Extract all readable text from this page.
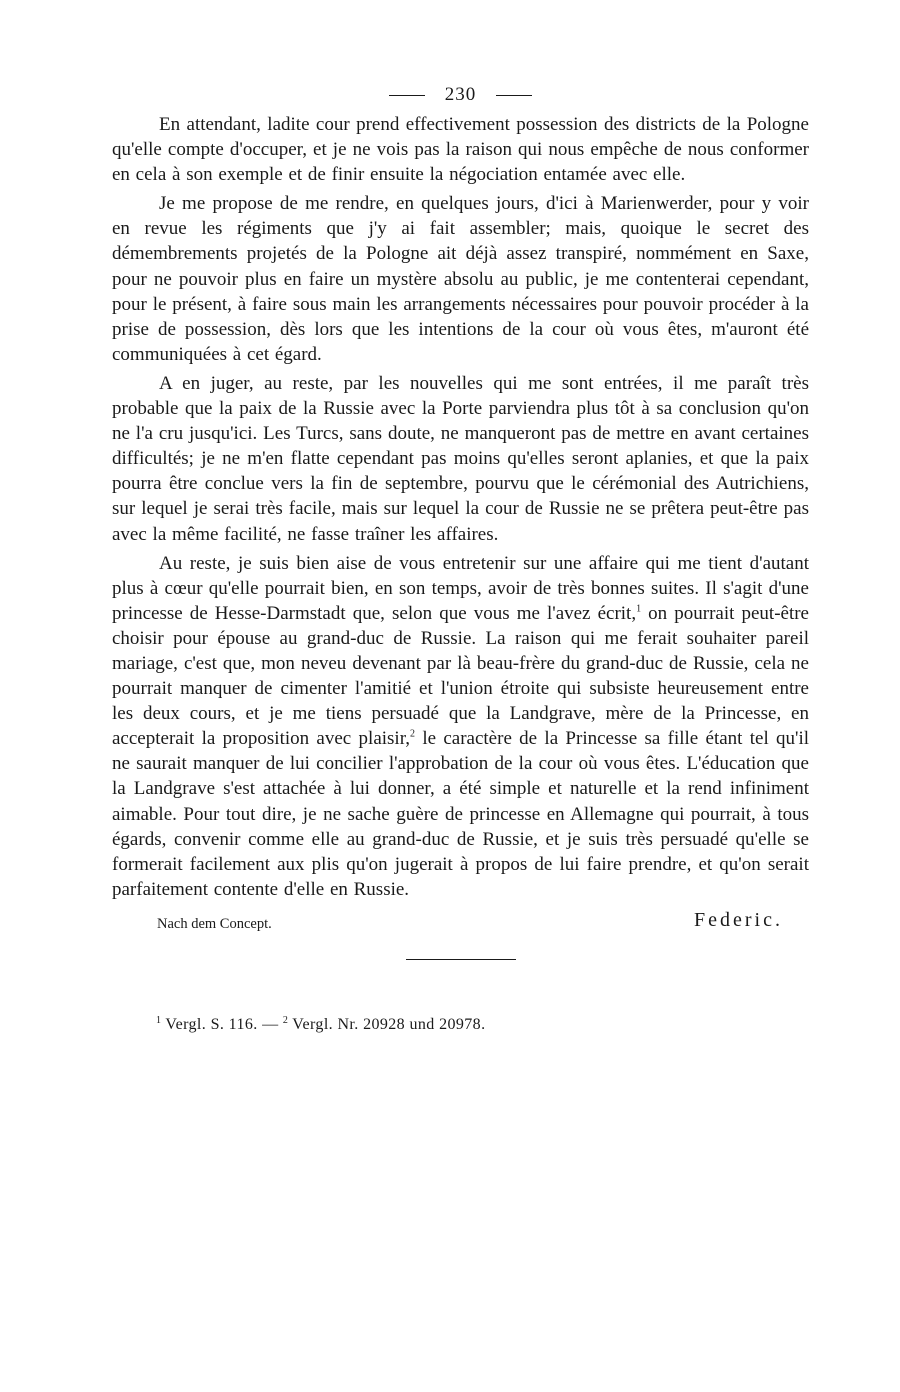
230

En attendant, ladite cour prend effectivement possession des districts de la Pologne qu'elle compte d'occuper, et je ne vois pas la raison qui nous empêche de nous conformer en cela à son exemple et de finir ensuite la négociation entamée avec elle.

Je me propose de me rendre, en quelques jours, d'ici à Marienwerder, pour y voir en revue les régiments que j'y ai fait assembler; mais, quoique le secret des démembrements projetés de la Pologne ait déjà assez transpiré, nommément en Saxe, pour ne pouvoir plus en faire un mystère absolu au public, je me contenterai cependant, pour le présent, à faire sous main les arrangements nécessaires pour pouvoir procéder à la prise de possession, dès lors que les intentions de la cour où vous êtes, m'auront été communiquées à cet égard.

A en juger, au reste, par les nouvelles qui me sont entrées, il me paraît très probable que la paix de la Russie avec la Porte parviendra plus tôt à sa conclusion qu'on ne l'a cru jusqu'ici. Les Turcs, sans doute, ne manqueront pas de mettre en avant certaines difficultés; je ne m'en flatte cependant pas moins qu'elles seront aplanies, et que la paix pourra être conclue vers la fin de septembre, pourvu que le cérémonial des Autrichiens, sur lequel je serai très facile, mais sur lequel la cour de Russie ne se prêtera peut-être pas avec la même facilité, ne fasse traîner les affaires.

Au reste, je suis bien aise de vous entretenir sur une affaire qui me tient d'autant plus à cœur qu'elle pourrait bien, en son temps, avoir de très bonnes suites. Il s'agit d'une princesse de Hesse-Darmstadt que, selon que vous me l'avez écrit,$^1$ on pourrait peut-être choisir pour épouse au grand-duc de Russie. La raison qui me ferait souhaiter pareil mariage, c'est que, mon neveu devenant par là beau-frère du grand-duc de Russie, cela ne pourrait manquer de cimenter l'amitié et l'union étroite qui subsiste heureusement entre les deux cours, et je me tiens persuadé que la Landgrave, mère de la Princesse, en accepterait la proposition avec plaisir,$^2$ le caractère de la Princesse sa fille étant tel qu'il ne saurait manquer de lui concilier l'approbation de la cour où vous êtes. L'éducation que la Landgrave s'est attachée à lui donner, a été simple et naturelle et la rend infiniment aimable. Pour tout dire, je ne sache guère de princesse en Allemagne qui pourrait, à tous égards, convenir comme elle au grand-duc de Russie, et je suis très persuadé qu'elle se formerait facilement aux plis qu'on jugerait à propos de lui faire prendre, et qu'on serait parfaitement contente d'elle en Russie.

Nach dem Concept.	Federic.
$^1$ Vergl. S. 116. — $^2$ Vergl. Nr. 20928 und 20978.
